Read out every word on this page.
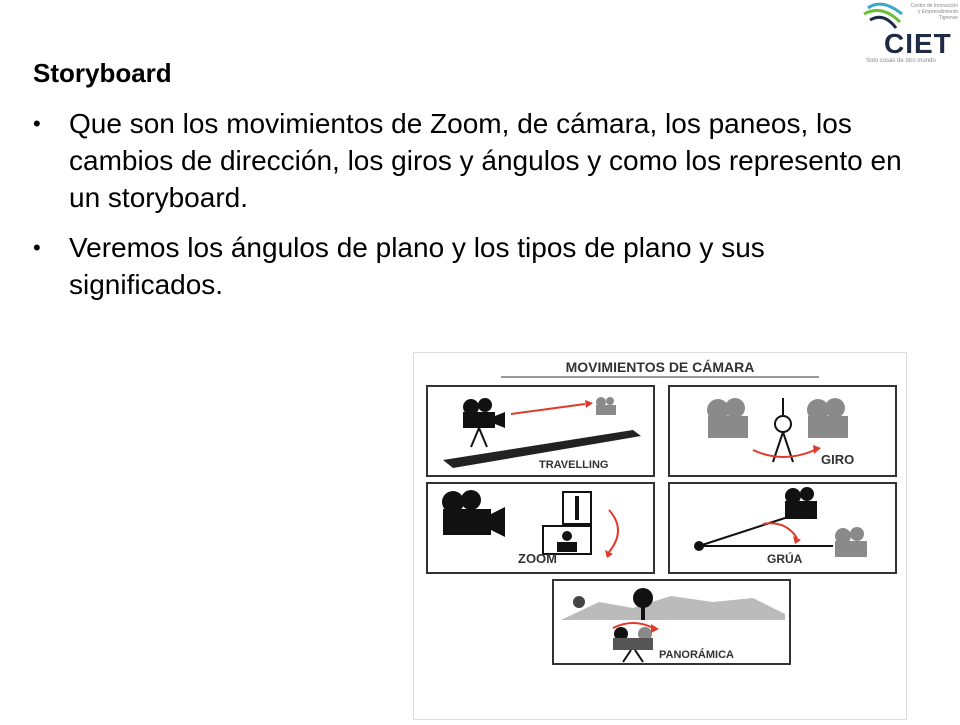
Storyboard
• Que son los movimientos de Zoom, de cámara, los paneos, los cambios de dirección, los giros y ángulos y como los represento en un storyboard.
• Veremos los ángulos de plano y los tipos de plano y sus significados.
Centro de Innovación y Emprendimiento Tigrense
CIET
Solo cosas de otro mundo
MOVIMIENTOS DE CÁMARA
TRAVELLING	GIRO
ZOOM	GRÚA
PANORÁMICA
